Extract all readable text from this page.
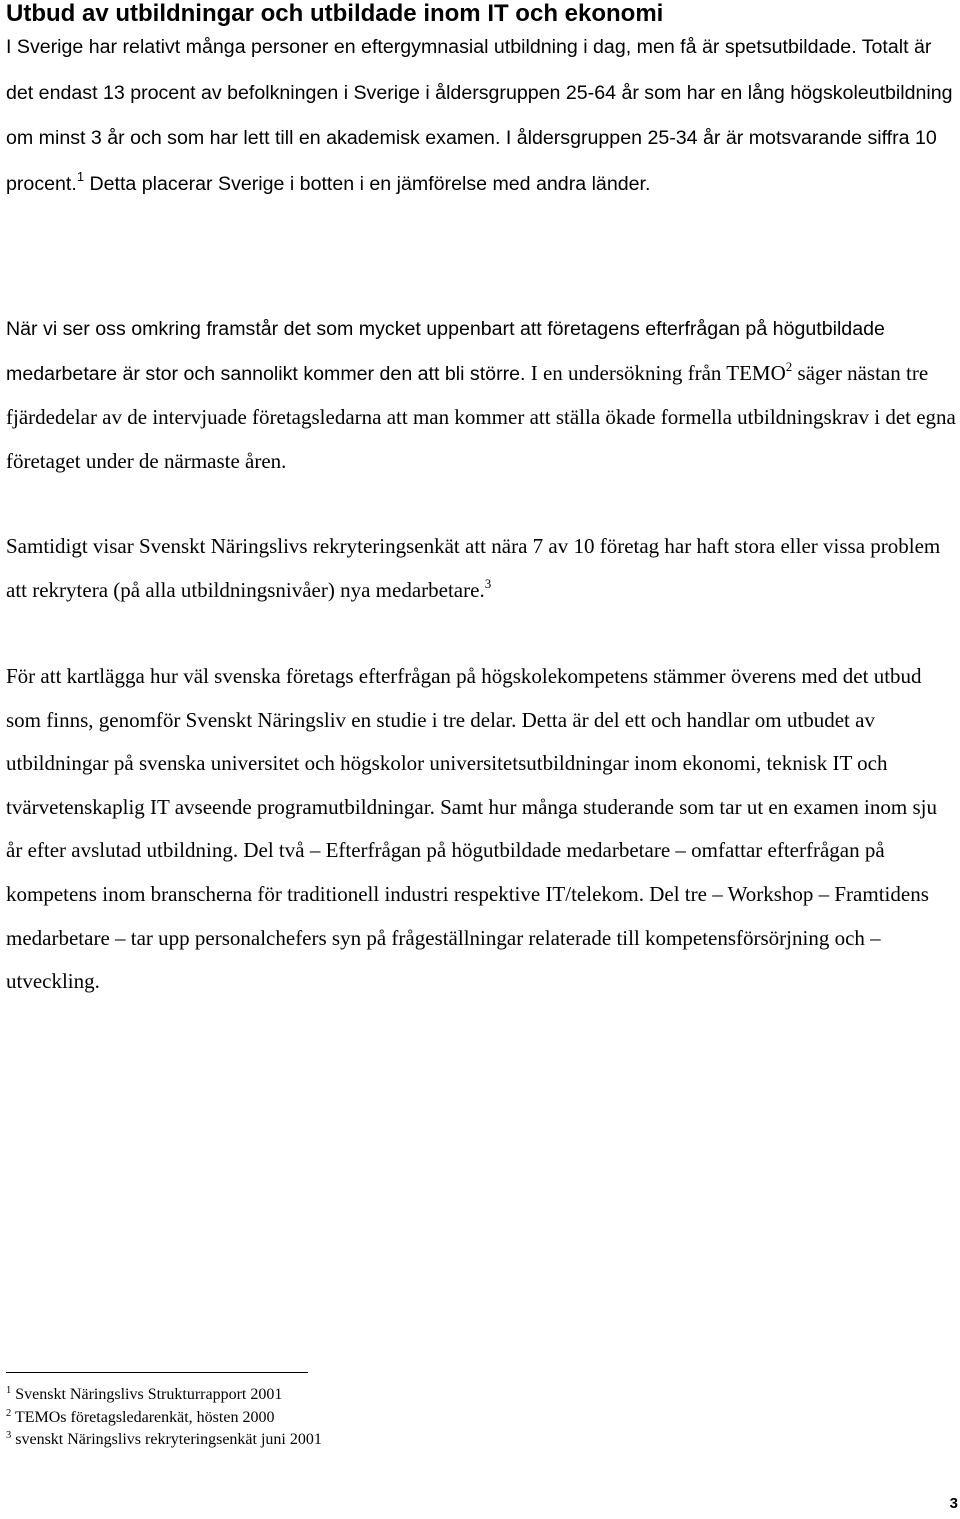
Utbud av utbildningar och utbildade inom IT och ekonomi

I Sverige har relativt många personer en eftergymnasial utbildning i dag, men få är spetsutbildade. Totalt är det endast 13 procent av befolkningen i Sverige i åldersgruppen 25-64 år som har en lång högskoleutbildning om minst 3 år och som har lett till en akademisk examen. I åldersgruppen 25-34 år är motsvarande siffra 10 procent.$^1$ Detta placerar Sverige i botten i en jämförelse med andra länder.

När vi ser oss omkring framstår det som mycket uppenbart att företagens efterfrågan på högutbildade medarbetare är stor och sannolikt kommer den att bli större. I en undersökning från TEMO$^2$ säger nästan tre fjärdedelar av de intervjuade företagsledarna att man kommer att ställa ökade formella utbildningskrav i det egna företaget under de närmaste åren.

Samtidigt visar Svenskt Näringslivs rekryteringsenkät att nära 7 av 10 företag har haft stora eller vissa problem att rekrytera (på alla utbildningsnivåer) nya medarbetare.$^3$

För att kartlägga hur väl svenska företags efterfrågan på högskolekompetens stämmer överens med det utbud som finns, genomför Svenskt Näringsliv en studie i tre delar. Detta är del ett och handlar om utbudet av utbildningar på svenska universitet och högskolor universitetsutbildningar inom ekonomi, teknisk IT och tvärvetenskaplig IT avseende programutbildningar. Samt hur många studerande som tar ut en examen inom sju år efter avslutad utbildning. Del två – Efterfrågan på högutbildade medarbetare – omfattar efterfrågan på kompetens inom branscherna för traditionell industri respektive IT/telekom. Del tre – Workshop – Framtidens medarbetare – tar upp personalchefers syn på frågeställningar relaterade till kompetensförsörjning och –utveckling.

$^1$ Svenskt Näringslivs Strukturrapport 2001
$^2$ TEMOs företagsledarenkät, hösten 2000
$^3$ svenskt Näringslivs rekryteringsenkät juni 2001
3
